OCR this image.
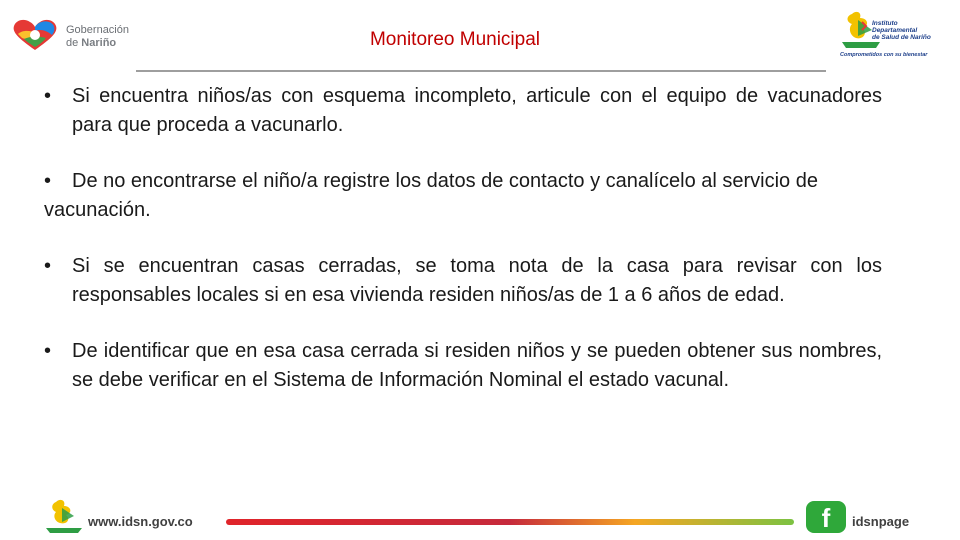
Gobernación
de Nariño	Monitoreo Municipal
Instituto
Departamental
de Salud de Nariño
Comprometidos con su bienestar
•	Si encuentra niños/as con esquema incompleto, articule con el equipo de vacunadores para que proceda a vacunarlo.
•	De no encontrarse el niño/a registre los datos de contacto y canalícelo al servicio de vacunación.
•	Si se encuentran casas cerradas, se toma nota de la casa para revisar con los responsables locales si en esa vivienda residen niños/as de 1 a 6 años de edad.
•	De identificar que en esa casa cerrada si residen niños y se pueden obtener sus nombres, se debe verificar en el Sistema de Información Nominal el estado vacunal.
www.idsn.gov.co	f	idsnpage
